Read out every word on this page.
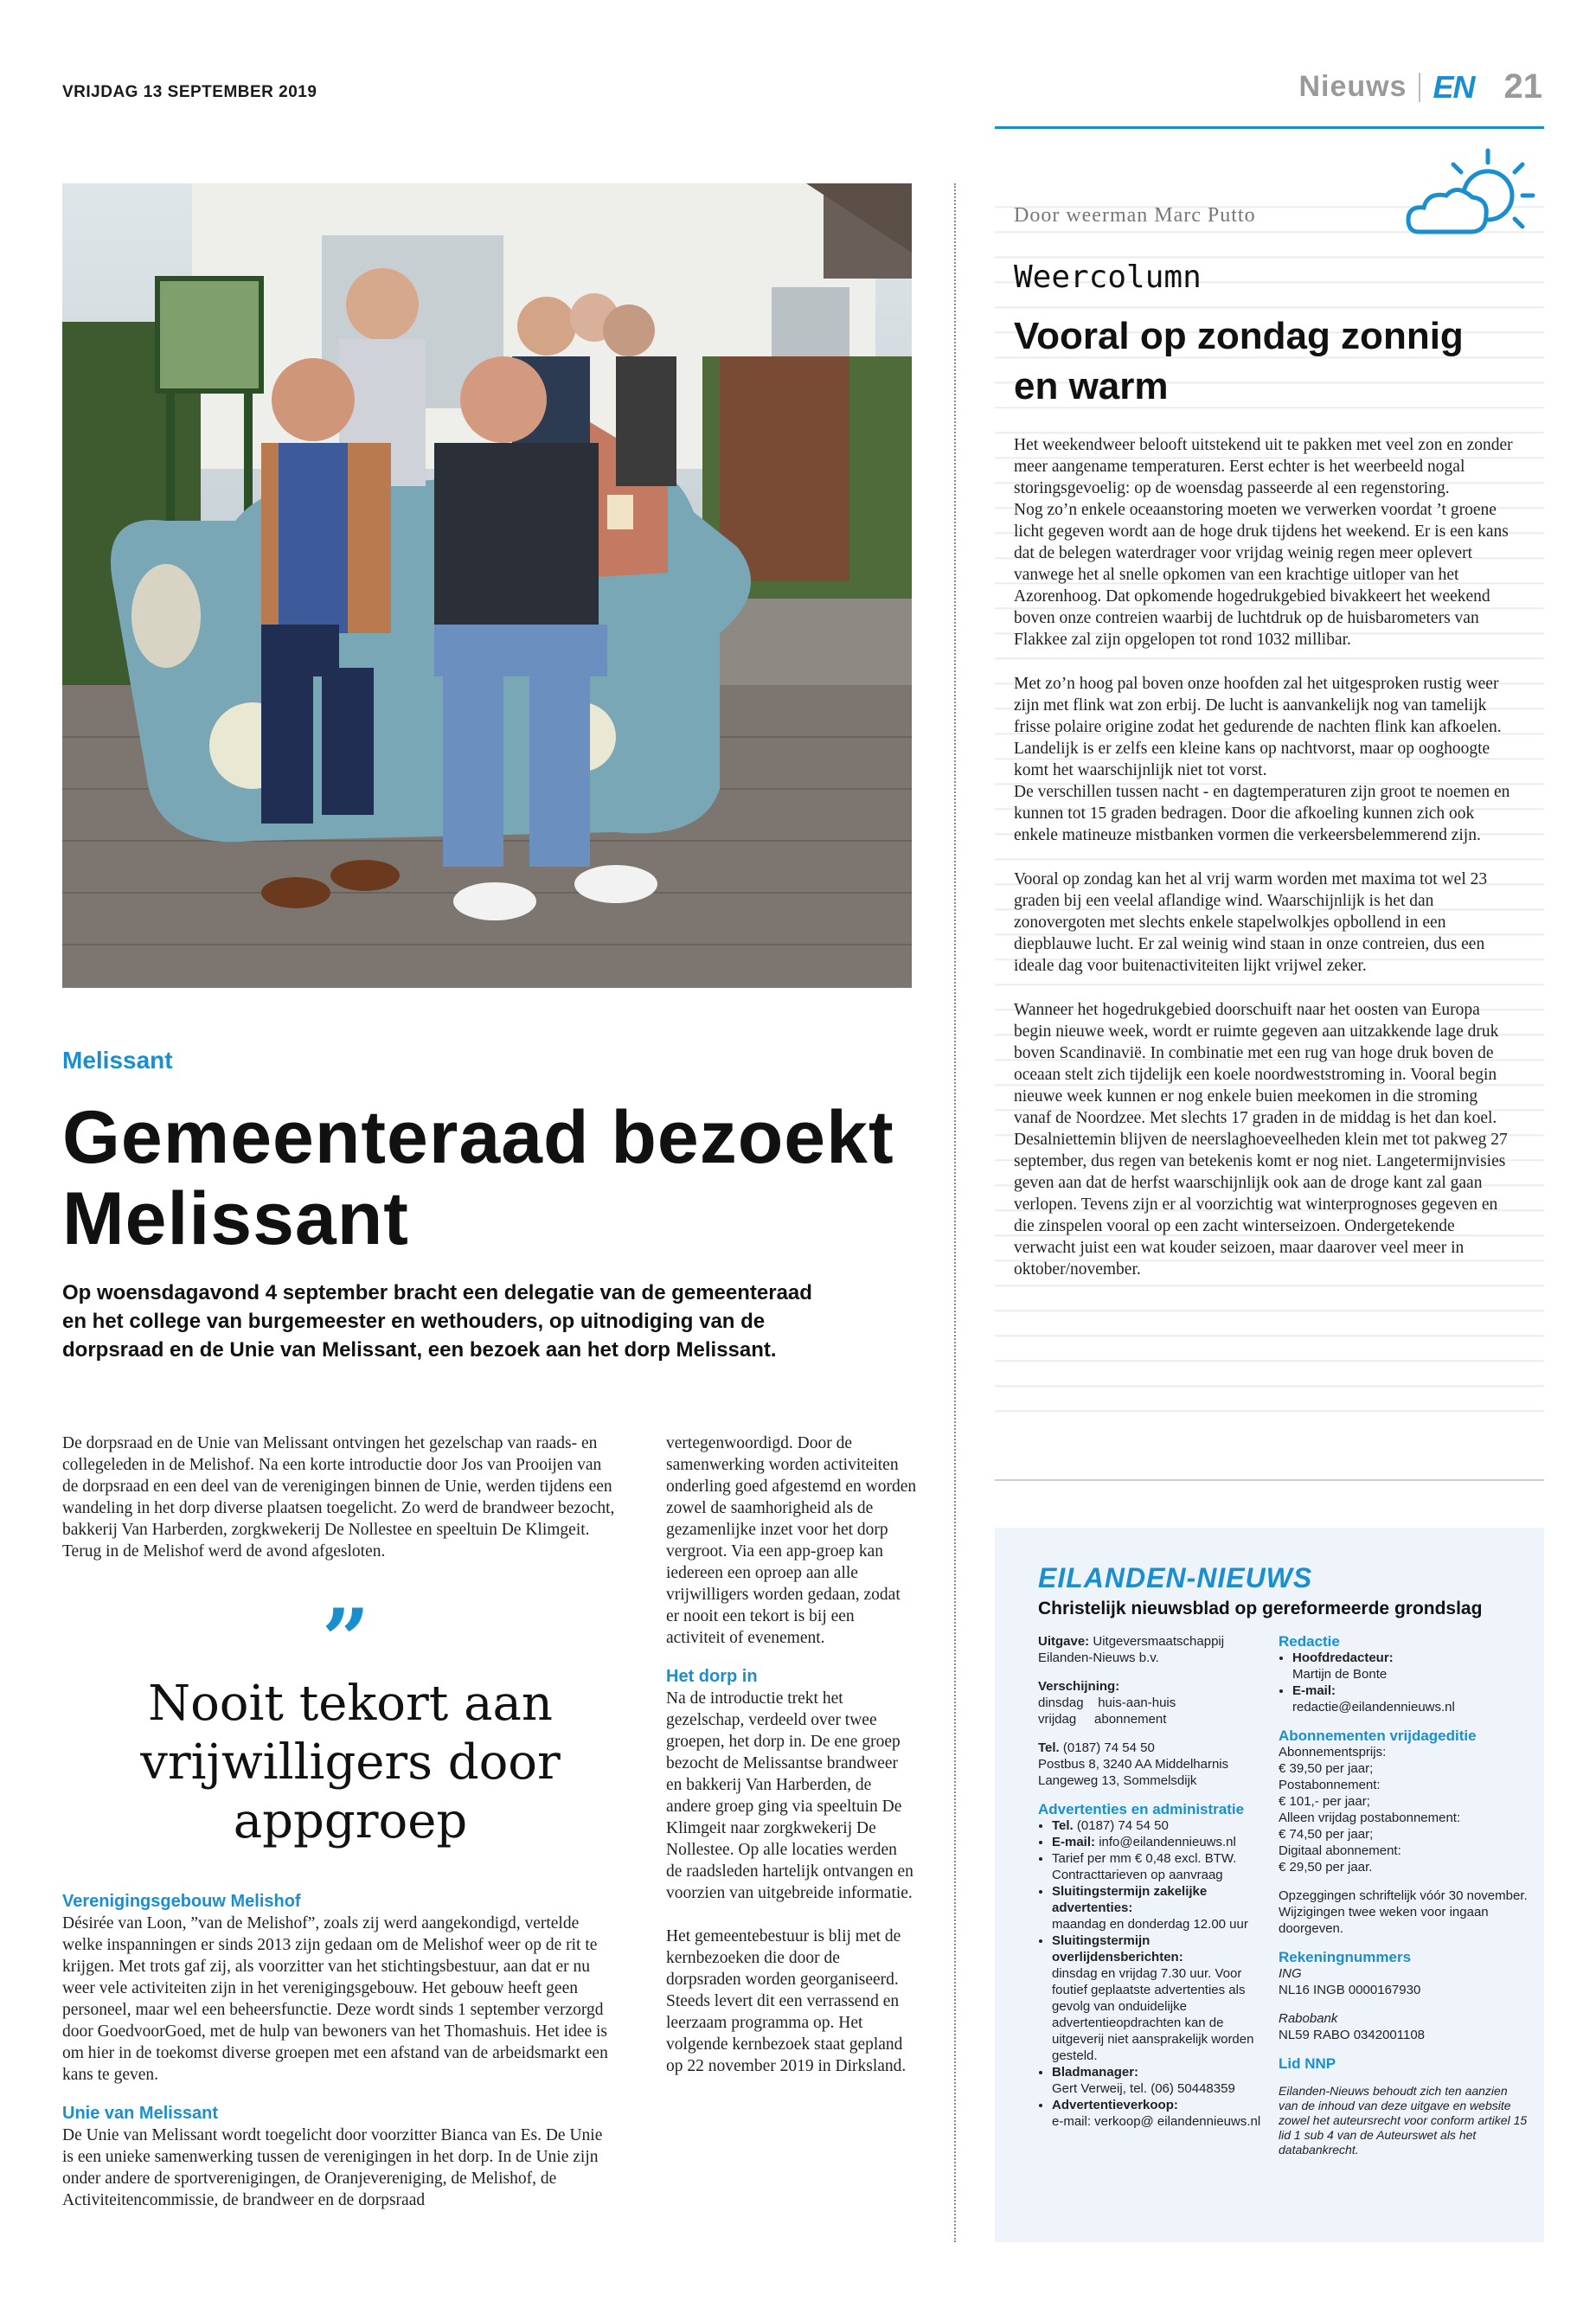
VRIJDAG 13 SEPTEMBER 2019	Nieuws EN 21
Door weerman Marc Putto
Weercolumn
Vooral op zondag zonnig en warm

Het weekendweer belooft uitstekend uit te pakken met veel zon en zonder meer aangename temperaturen. Eerst echter is het weerbeeld nogal storingsgevoelig: op de woensdag passeerde al een regenstoring.

Nog zo’n enkele oceaanstoring moeten we verwerken voordat ’t groene licht gegeven wordt aan de hoge druk tijdens het weekend. Er is een kans dat de belegen waterdrager voor vrijdag weinig regen meer oplevert vanwege het al snelle opkomen van een krachtige uitloper van het Azorenhoog. Dat opkomende hogedrukgebied bivakkeert het weekend boven onze contreien waarbij de luchtdruk op de huisbarometers van Flakkee zal zijn opgelopen tot rond 1032 millibar.

Met zo’n hoog pal boven onze hoofden zal het uitgesproken rustig weer zijn met flink wat zon erbij. De lucht is aanvankelijk nog van tamelijk frisse polaire origine zodat het gedurende de nachten flink kan afkoelen. Landelijk is er zelfs een kleine kans op nachtvorst, maar op ooghoogte komt het waarschijnlijk niet tot vorst.

De verschillen tussen nacht - en dagtemperaturen zijn groot te noemen en kunnen tot 15 graden bedragen. Door die afkoeling kunnen zich ook enkele matineuze mistbanken vormen die verkeersbelemmerend zijn.

Vooral op zondag kan het al vrij warm worden met maxima tot wel 23 graden bij een veelal aflandige wind. Waarschijnlijk is het dan zonovergoten met slechts enkele stapelwolkjes opbollend in een diepblauwe lucht. Er zal weinig wind staan in onze contreien, dus een ideale dag voor buitenactiviteiten lijkt vrijwel zeker.

Wanneer het hogedrukgebied doorschuift naar het oosten van Europa begin nieuwe week, wordt er ruimte gegeven aan uitzakkende lage druk boven Scandinavië. In combinatie met een rug van hoge druk boven de oceaan stelt zich tijdelijk een koele noordweststroming in. Vooral begin nieuwe week kunnen er nog enkele buien meekomen in die stroming vanaf de Noordzee. Met slechts 17 graden in de middag is het dan koel. Desalniettemin blijven de neerslaghoeveelheden klein met tot pakweg 27 september, dus regen van betekenis komt er nog niet. Langetermijnvisies geven aan dat de herfst waarschijnlijk ook aan de droge kant zal gaan verlopen. Tevens zijn er al voorzichtig wat winterprognoses gegeven en die zinspelen vooral op een zacht winterseizoen. Ondergetekende verwacht juist een wat kouder seizoen, maar daarover veel meer in oktober/november.

Melissant
Gemeenteraad bezoekt Melissant
Op woensdagavond 4 september bracht een delegatie van de gemeenteraad en het college van burgemeester en wethouders, op uitnodiging van de dorpsraad en de Unie van Melissant, een bezoek aan het dorp Melissant.

De dorpsraad en de Unie van Melissant ontvingen het gezelschap van raads- en collegeleden in de Melishof. Na een korte introductie door Jos van Prooijen van de dorpsraad en een deel van de verenigingen binnen de Unie, werden tijdens een wandeling in het dorp diverse plaatsen toegelicht. Zo werd de brandweer bezocht, bakkerij Van Harberden, zorgkwekerij De Nollestee en speeltuin De Klimgeit. Terug in de Melishof werd de avond afgesloten.

”
Nooit tekort aan vrijwilligers door appgroep

Verenigingsgebouw Melishof

Désirée van Loon, ”van de Melishof”, zoals zij werd aangekondigd, vertelde welke inspanningen er sinds 2013 zijn gedaan om de Melishof weer op de rit te krijgen. Met trots gaf zij, als voorzitter van het stichtingsbestuur, aan dat er nu weer vele activiteiten zijn in het verenigingsgebouw. Het gebouw heeft geen personeel, maar wel een beheersfunctie. Deze wordt sinds 1 september verzorgd door GoedvoorGoed, met de hulp van bewoners van het Thomashuis. Het idee is om hier in de toekomst diverse groepen met een afstand van de arbeidsmarkt een kans te geven.

Unie van Melissant

De Unie van Melissant wordt toegelicht door voorzitter Bianca van Es. De Unie is een unieke samenwerking tussen de verenigingen in het dorp. In de Unie zijn onder andere de sportverenigingen, de Oranjevereniging, de Melishof, de Activiteitencommissie, de brandweer en de dorpsraad

vertegenwoordigd. Door de samenwerking worden activiteiten onderling goed afgestemd en worden zowel de saamhorigheid als de gezamenlijke inzet voor het dorp vergroot. Via een app-groep kan iedereen een oproep aan alle vrijwilligers worden gedaan, zodat er nooit een tekort is bij een activiteit of evenement.

Het dorp in

Na de introductie trekt het gezelschap, verdeeld over twee groepen, het dorp in. De ene groep bezocht de Melissantse brandweer en bakkerij Van Harberden, de andere groep ging via speeltuin De Klimgeit naar zorgkwekerij De Nollestee. Op alle locaties werden de raadsleden hartelijk ontvangen en voorzien van uitgebreide informatie.

Het gemeentebestuur is blij met de kernbezoeken die door de dorpsraden worden georganiseerd. Steeds levert dit een verrassend en leerzaam programma op. Het volgende kernbezoek staat gepland op 22 november 2019 in Dirksland.

EILANDEN-NIEUWS
Christelijk nieuwsblad op gereformeerde grondslag

Uitgave: Uitgeversmaatschappij Eilanden-Nieuws b.v.

Verschijning:

dinsdag    huis-aan-huis

vrijdag     abonnement

Tel. (0187) 74 54 50

Postbus 8, 3240 AA Middelharnis

Langeweg 13, Sommelsdijk

Advertenties en administratie

• Tel. (0187) 74 54 50
• E-mail: info@eilandennieuws.nl
• Tarief per mm € 0,48 excl. BTW. Contracttarieven op aanvraag
• Sluitingstermijn zakelijke advertenties:
maandag en donderdag 12.00 uur
• Sluitingstermijn overlijdensberichten:
dinsdag en vrijdag 7.30 uur. Voor foutief geplaatste advertenties als gevolg van onduidelijke advertentieopdrachten kan de uitgeverij niet aansprakelijk worden gesteld.
• Bladmanager:
Gert Verweij, tel. (06) 50448359
• Advertentieverkoop:
e-mail: verkoop@ eilandennieuws.nl

Redactie

• Hoofdredacteur:
Martijn de Bonte
• E-mail:
redactie@eilandennieuws.nl

Abonnementen vrijdageditie

Abonnementsprijs:

€ 39,50 per jaar;

Postabonnement:

€ 101,- per jaar;

Alleen vrijdag postabonnement:

€ 74,50 per jaar;

Digitaal abonnement:

€ 29,50 per jaar.

Opzeggingen schriftelijk vóór 30 november. Wijzigingen twee weken voor ingaan doorgeven.

Rekeningnummers

ING

NL16 INGB 0000167930

Rabobank

NL59 RABO 0342001108

Lid NNP

Eilanden-Nieuws behoudt zich ten aanzien van de inhoud van deze uitgave en website zowel het auteursrecht voor conform artikel 15 lid 1 sub 4 van de Auteurswet als het databankrecht.
